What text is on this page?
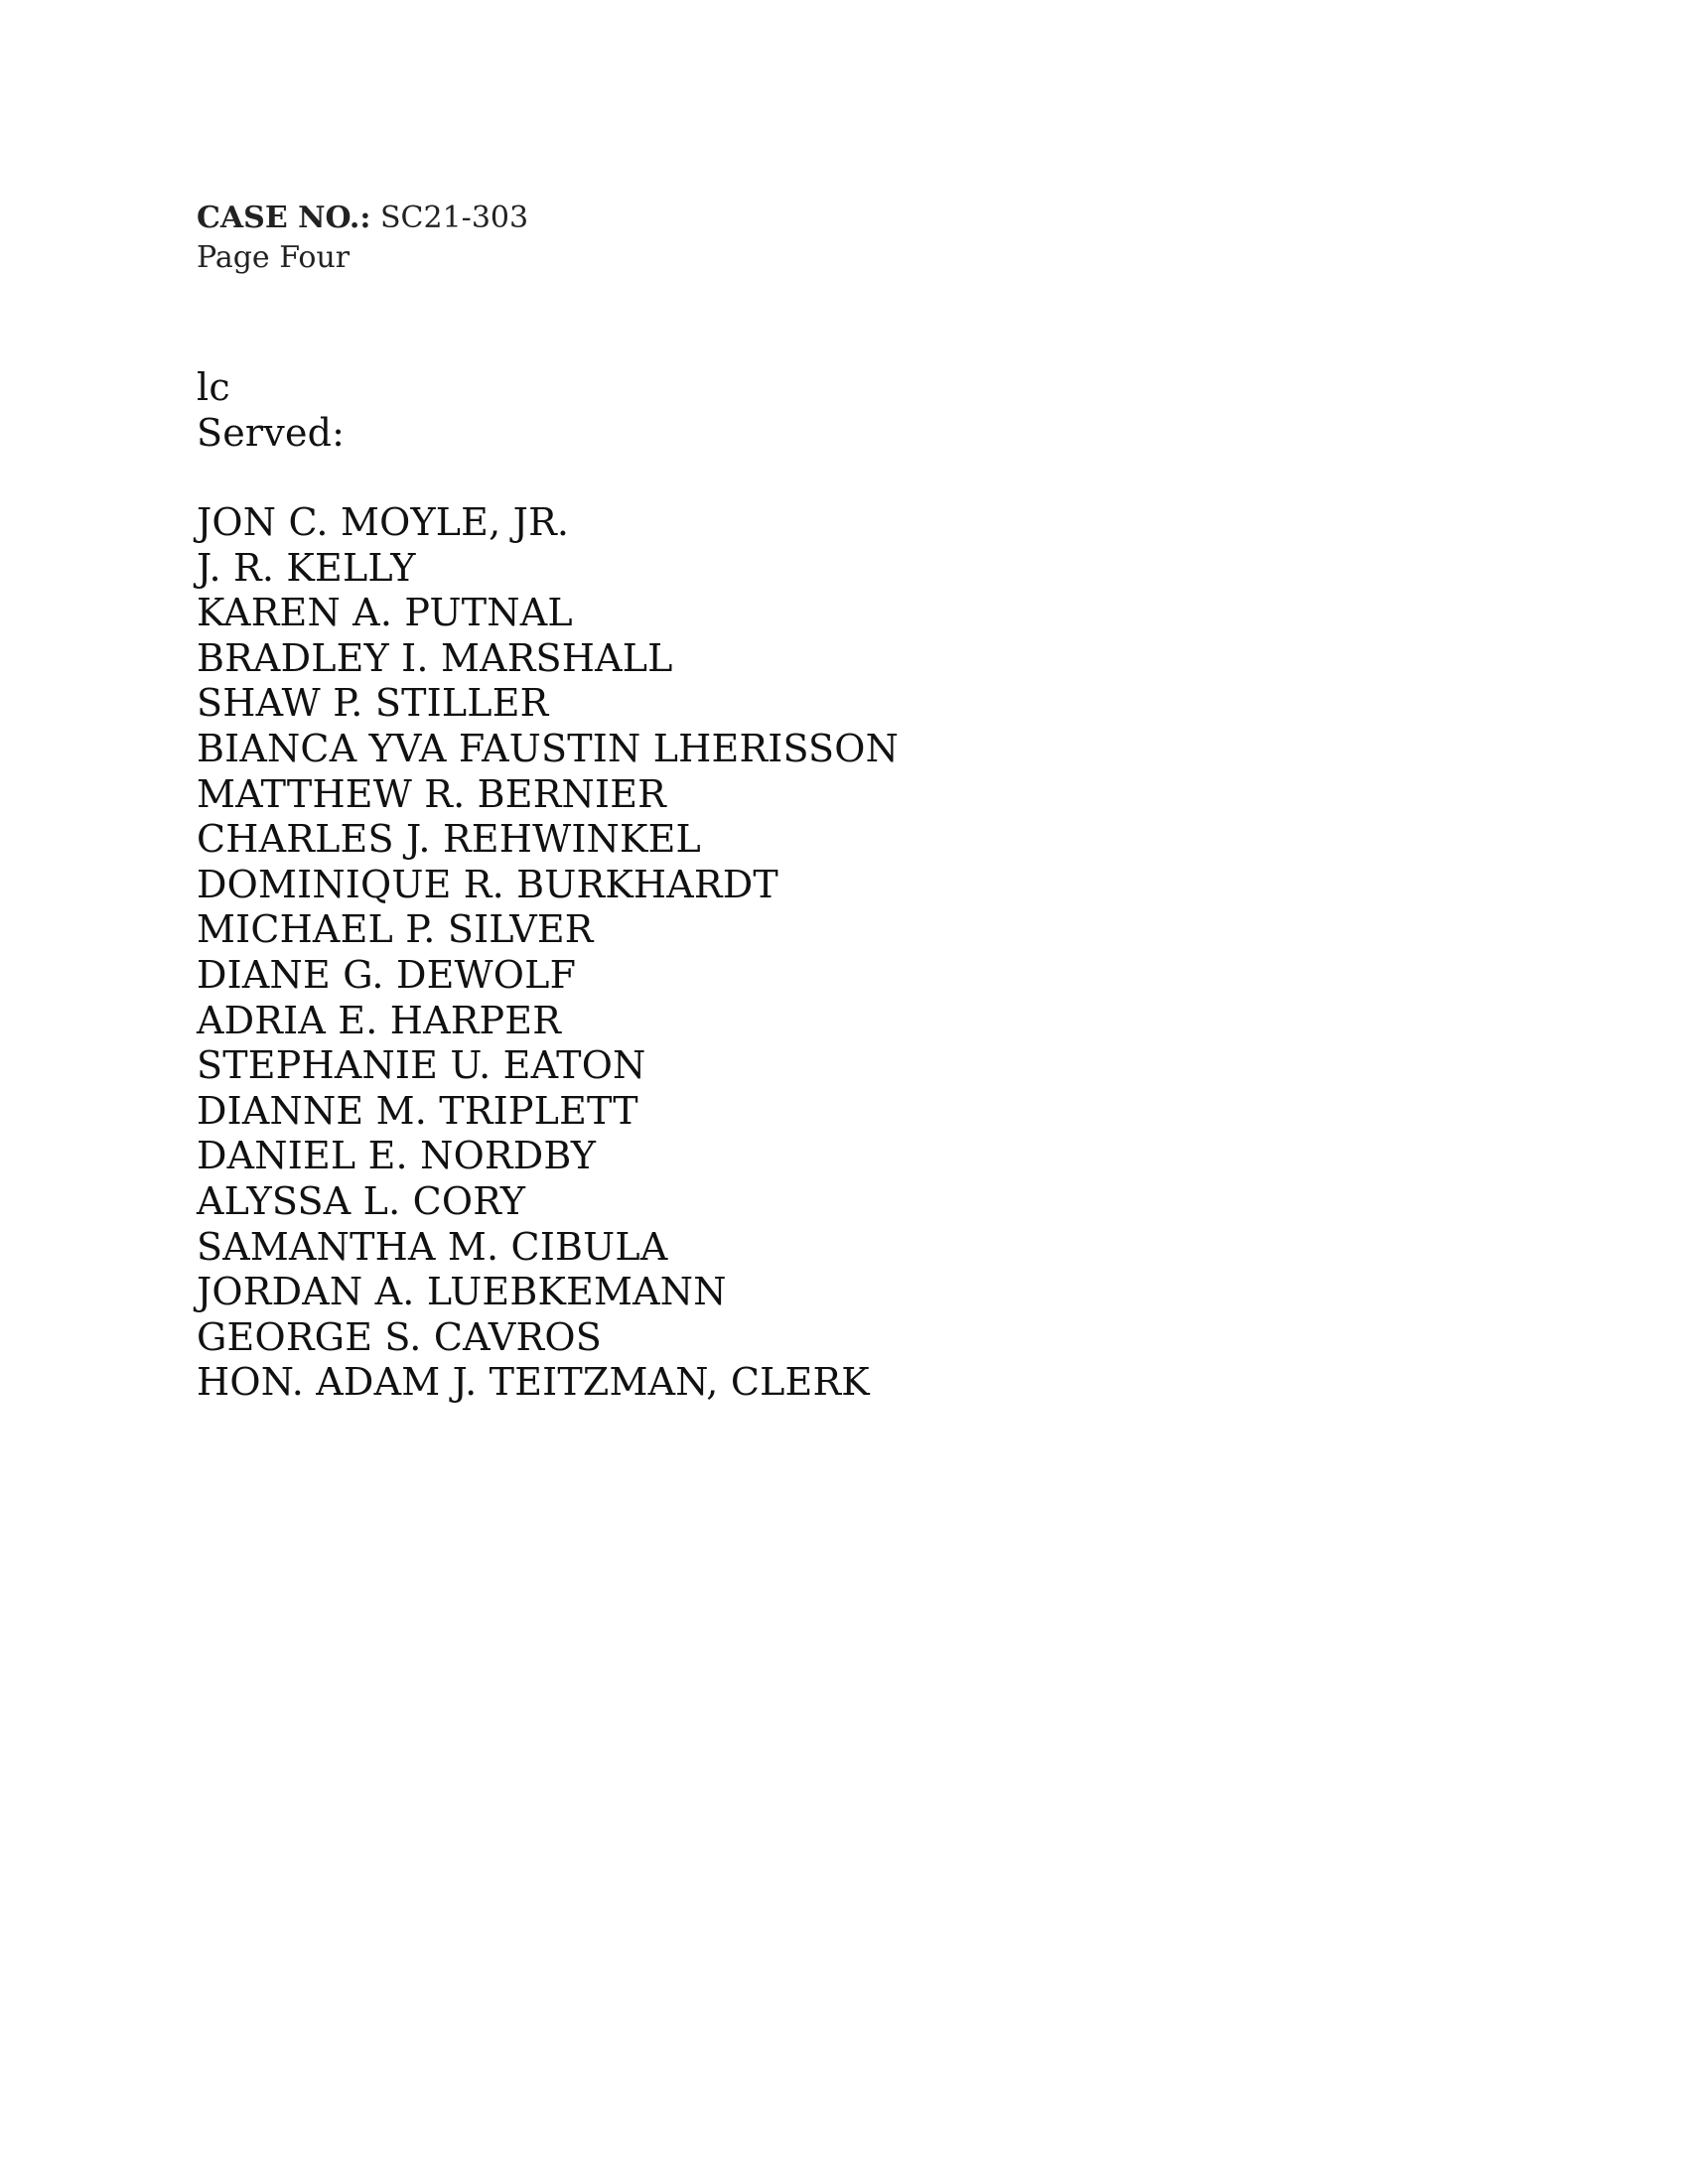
CASE NO.: SC21-303
Page Four
lc
Served:
JON C. MOYLE, JR.
J. R. KELLY
KAREN A. PUTNAL
BRADLEY I. MARSHALL
SHAW P. STILLER
BIANCA YVA FAUSTIN LHERISSON
MATTHEW R. BERNIER
CHARLES J. REHWINKEL
DOMINIQUE R. BURKHARDT
MICHAEL P. SILVER
DIANE G. DEWOLF
ADRIA E. HARPER
STEPHANIE U. EATON
DIANNE M. TRIPLETT
DANIEL E. NORDBY
ALYSSA L. CORY
SAMANTHA M. CIBULA
JORDAN A. LUEBKEMANN
GEORGE S. CAVROS
HON. ADAM J. TEITZMAN, CLERK
